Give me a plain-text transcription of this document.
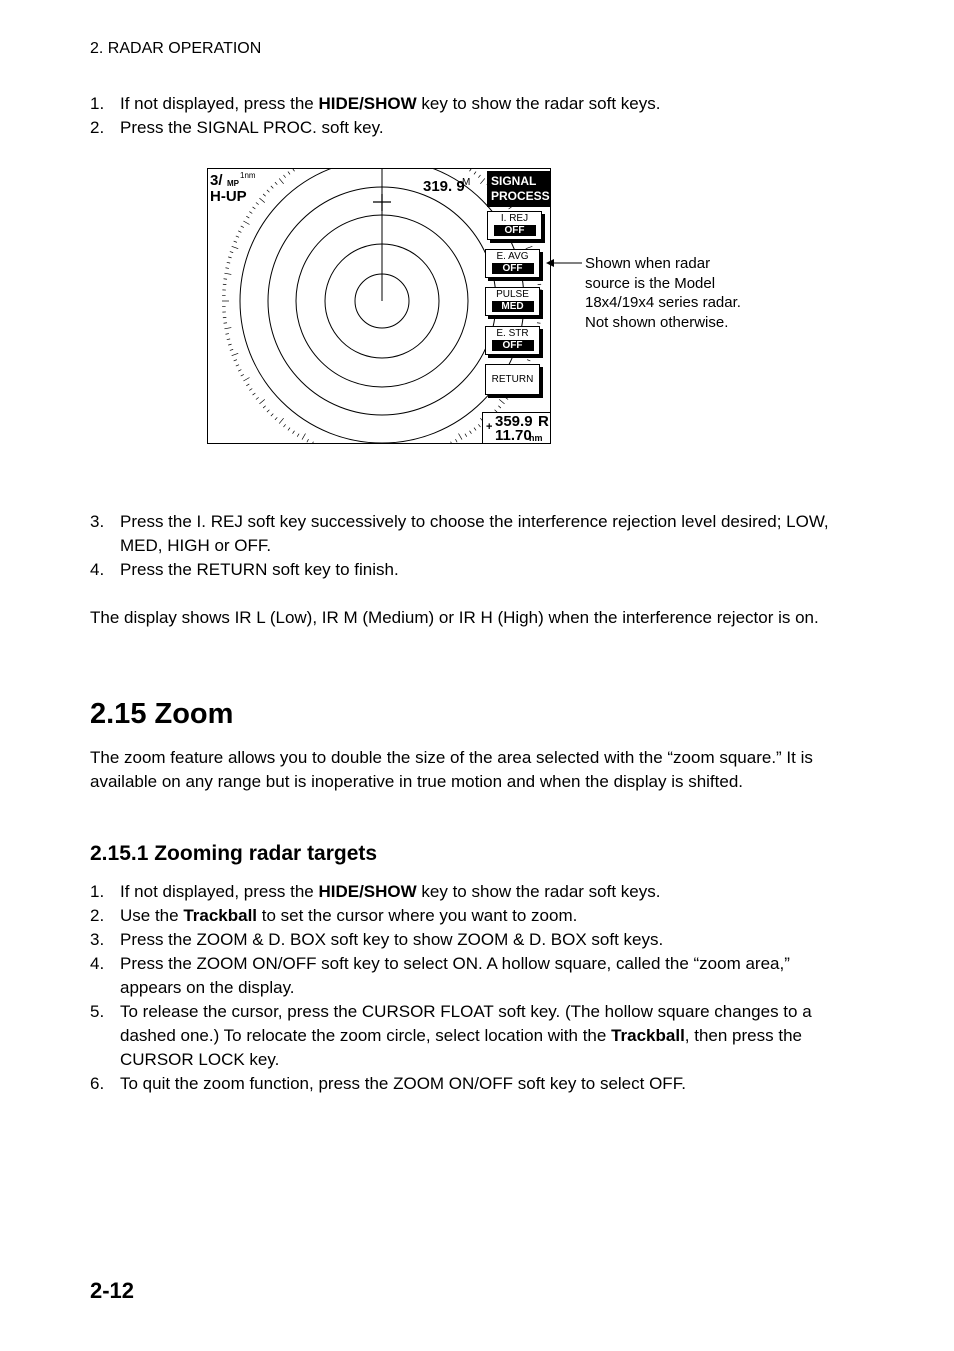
2. RADAR OPERATION
1. If not displayed, press the HIDE/SHOW key to show the radar soft keys.
2. Press the SIGNAL PROC. soft key.
3/ MP
1nm
H-UP
319. 9
M	SIGNAL
PROCESS
I. REJ
OFF
E. AVG
OFF
PULSE
MED
E. STR
OFF
RETURN
+ 359.9 R
11.70
nm
Shown when radar source is the Model 18x4/19x4 series radar. Not shown otherwise.
3. Press the I. REJ soft key successively to choose the interference rejection level desired; LOW, MED, HIGH or OFF.
4. Press the RETURN soft key to finish.
The display shows IR L (Low), IR M (Medium) or IR H (High) when the interference rejector is on.
2.15 Zoom
The zoom feature allows you to double the size of the area selected with the “zoom square.” It is available on any range but is inoperative in true motion and when the display is shifted.
2.15.1 Zooming radar targets
1. If not displayed, press the HIDE/SHOW key to show the radar soft keys.
2. Use the Trackball to set the cursor where you want to zoom.
3. Press the ZOOM & D. BOX soft key to show ZOOM & D. BOX soft keys.
4. Press the ZOOM ON/OFF soft key to select ON. A hollow square, called the “zoom area,” appears on the display.
5. To release the cursor, press the CURSOR FLOAT soft key. (The hollow square changes to a dashed one.) To relocate the zoom circle, select location with the Trackball, then press the CURSOR LOCK key.
6. To quit the zoom function, press the ZOOM ON/OFF soft key to select OFF.
2-12
